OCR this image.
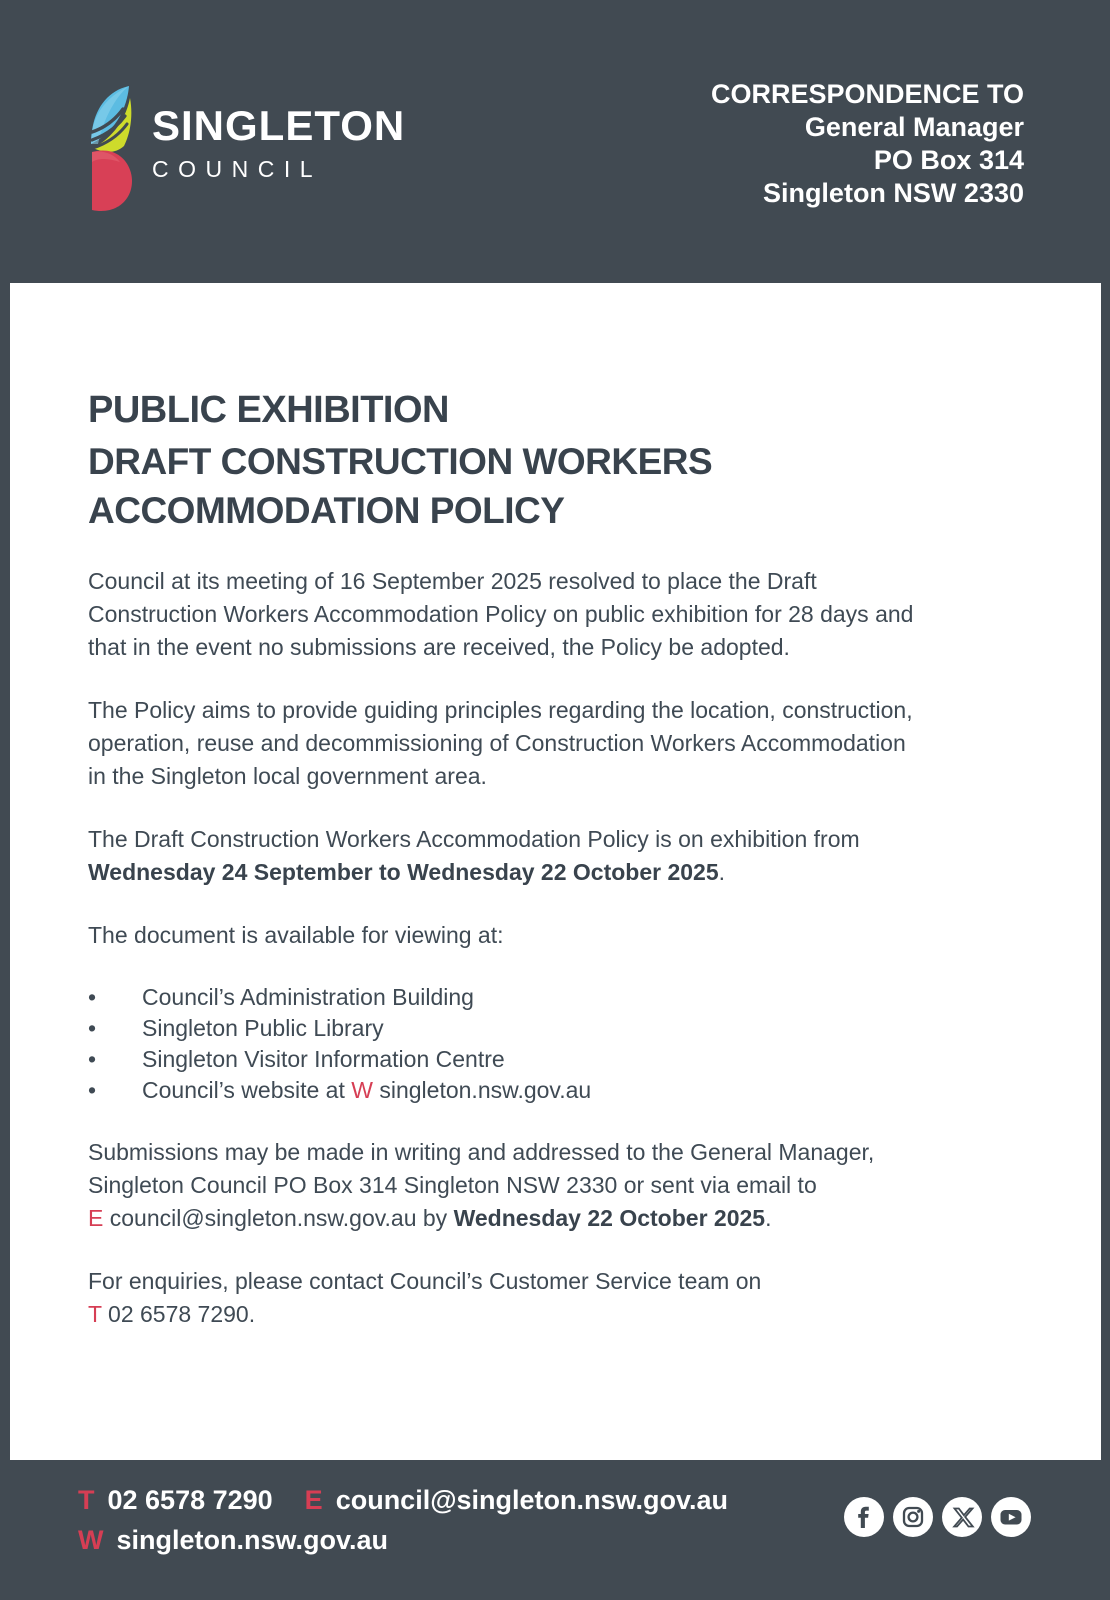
SINGLETON
COUNCIL
CORRESPONDENCE TO
General Manager
PO Box 314
Singleton NSW 2330
PUBLIC EXHIBITION
DRAFT CONSTRUCTION WORKERS
ACCOMMODATION POLICY

Council at its meeting of 16 September 2025 resolved to place the Draft
Construction Workers Accommodation Policy on public exhibition for 28 days and
that in the event no submissions are received, the Policy be adopted.

The Policy aims to provide guiding principles regarding the location, construction,
operation, reuse and decommissioning of Construction Workers Accommodation
in the Singleton local government area.

The Draft Construction Workers Accommodation Policy is on exhibition from
Wednesday 24 September to Wednesday 22 October 2025.

The document is available for viewing at:

•	Council’s Administration Building
•	Singleton Public Library
•	Singleton Visitor Information Centre
•	Council’s website at W singleton.nsw.gov.au

Submissions may be made in writing and addressed to the General Manager,
Singleton Council PO Box 314 Singleton NSW 2330 or sent via email to
E council@singleton.nsw.gov.au by Wednesday 22 October 2025.

For enquiries, please contact Council’s Customer Service team on
T 02 6578 7290.

T 02 6578 7290 E council@singleton.nsw.gov.au
W singleton.nsw.gov.au
